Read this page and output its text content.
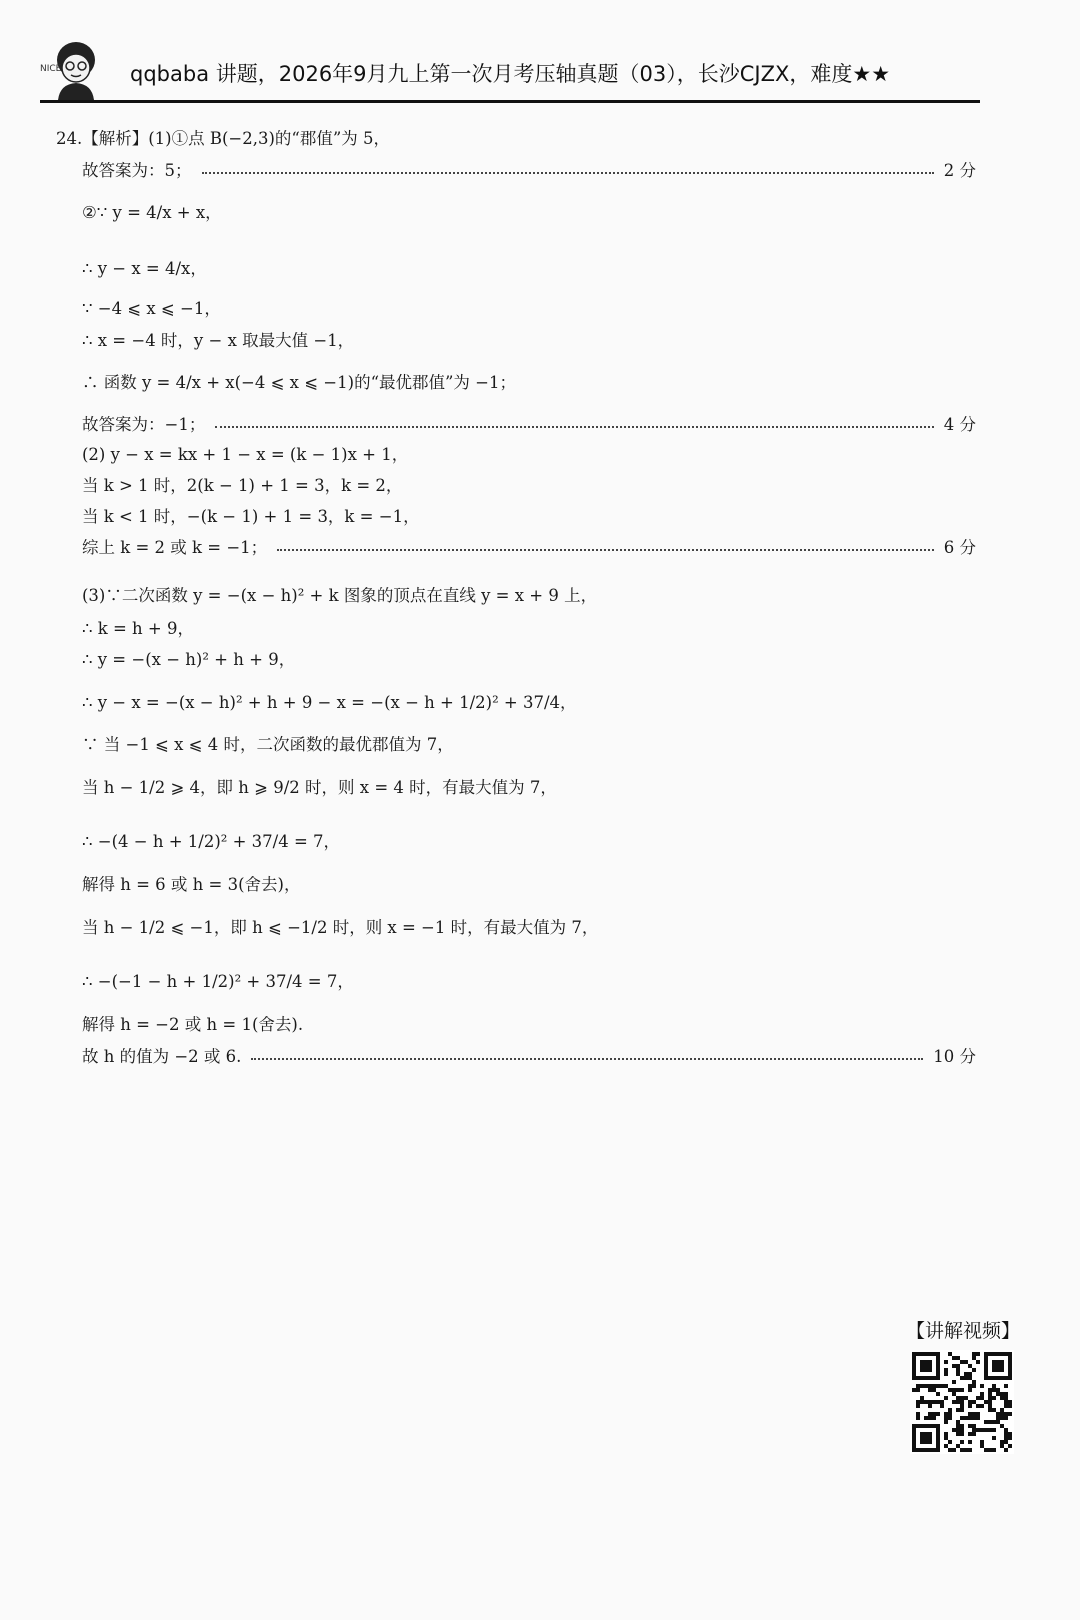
NICE	qqbaba 讲题，2026年9月九上第一次月考压轴真题（03），长沙CJZX，难度★★
24.【解析】(1)①点 B(−2,3)的“郡值”为 5，
故答案为：5；	2 分
②∵ y = 4/x + x，
∴ y − x = 4/x，
∵ −4 ⩽ x ⩽ −1，
∴ x = −4 时，y − x 取最大值 −1，
∴ 函数 y = 4/x + x(−4 ⩽ x ⩽ −1)的“最优郡值”为 −1；
故答案为：−1；	4 分
(2) y − x = kx + 1 − x = (k − 1)x + 1，
当 k > 1 时，2(k − 1) + 1 = 3，k = 2，
当 k < 1 时，−(k − 1) + 1 = 3，k = −1，
综上 k = 2 或 k = −1；	6 分
(3)∵二次函数 y = −(x − h)² + k 图象的顶点在直线 y = x + 9 上，
∴ k = h + 9，
∴ y = −(x − h)² + h + 9，
∴ y − x = −(x − h)² + h + 9 − x = −(x − h + 1/2)² + 37/4，
∵ 当 −1 ⩽ x ⩽ 4 时，二次函数的最优郡值为 7，
当 h − 1/2 ⩾ 4，即 h ⩾ 9/2 时，则 x = 4 时，有最大值为 7，
∴ −(4 − h + 1/2)² + 37/4 = 7，
解得 h = 6 或 h = 3(舍去)，
当 h − 1/2 ⩽ −1，即 h ⩽ −1/2 时，则 x = −1 时，有最大值为 7，
∴ −(−1 − h + 1/2)² + 37/4 = 7，
解得 h = −2 或 h = 1(舍去).
故 h 的值为 −2 或 6.	10 分
【讲解视频】
